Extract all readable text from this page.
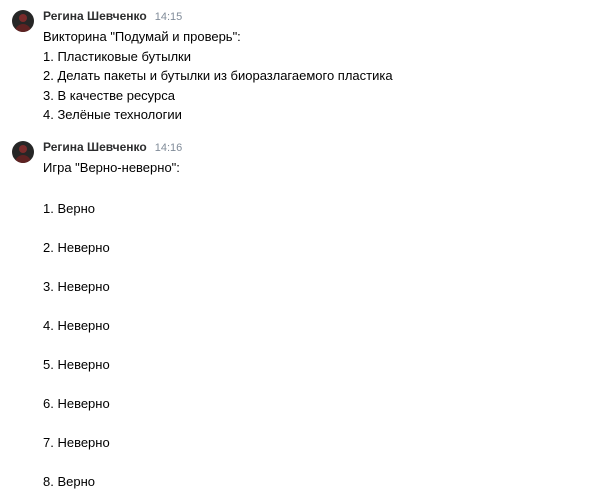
Регина Шевченко 14:15
Викторина "Подумай и проверь":
1. Пластиковые бутылки
2. Делать пакеты и бутылки из биоразлагаемого пластика
3. В качестве ресурса
4. Зелёные технологии
Регина Шевченко 14:16
Игра "Верно-неверно":
1. Верно
2. Неверно
3. Неверно
4. Неверно
5. Неверно
6. Неверно
7. Неверно
8. Верно
